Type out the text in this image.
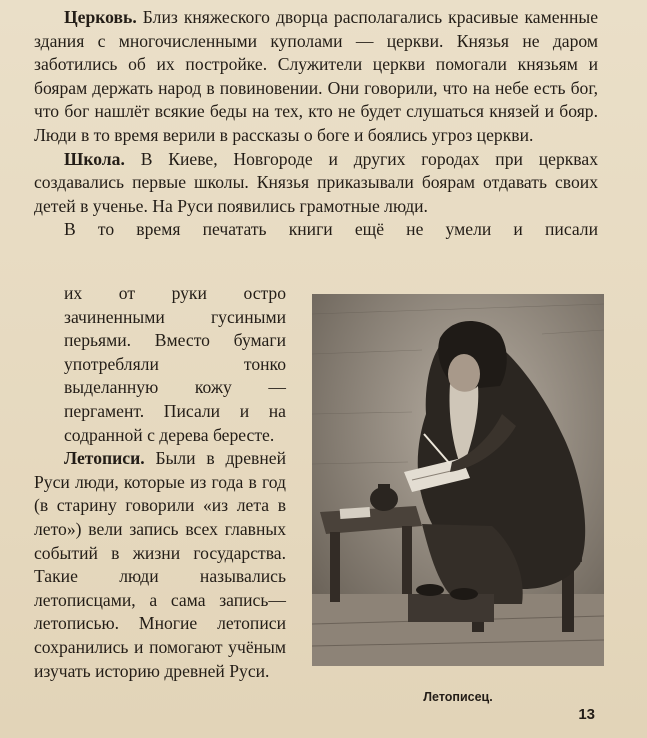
Церковь. Близ княжеского дворца располагались красивые каменные здания с многочисленными куполами — церкви. Князья не даром заботились об их постройке. Служители церкви помогали князьям и боярам держать народ в повиновении. Они говорили, что на небе есть бог, что бог нашлёт всякие беды на тех, кто не будет слушаться князей и бояр. Люди в то время верили в рассказы о боге и боялись угроз церкви.

Школа. В Киеве, Новгороде и других городах при церквах создавались первые школы. Князья приказывали боярам отдавать своих детей в ученье. На Руси появились грамотные люди.

В то время печатать книги ещё не умели и писали

их от руки остро зачиненными гусиными перьями. Вместо бумаги употребляли тонко выделанную кожу — пергамент. Писали и на содранной с дерева бересте.

Летописи. Были в древней Руси люди, которые из года в год (в старину говорили «из лета в лето») вели запись всех главных событий в жизни государства. Такие люди назывались летописцами, а сама запись—летописью. Многие летописи сохранились и помогают учёным изучать историю древней Руси.

Летописец.
13
